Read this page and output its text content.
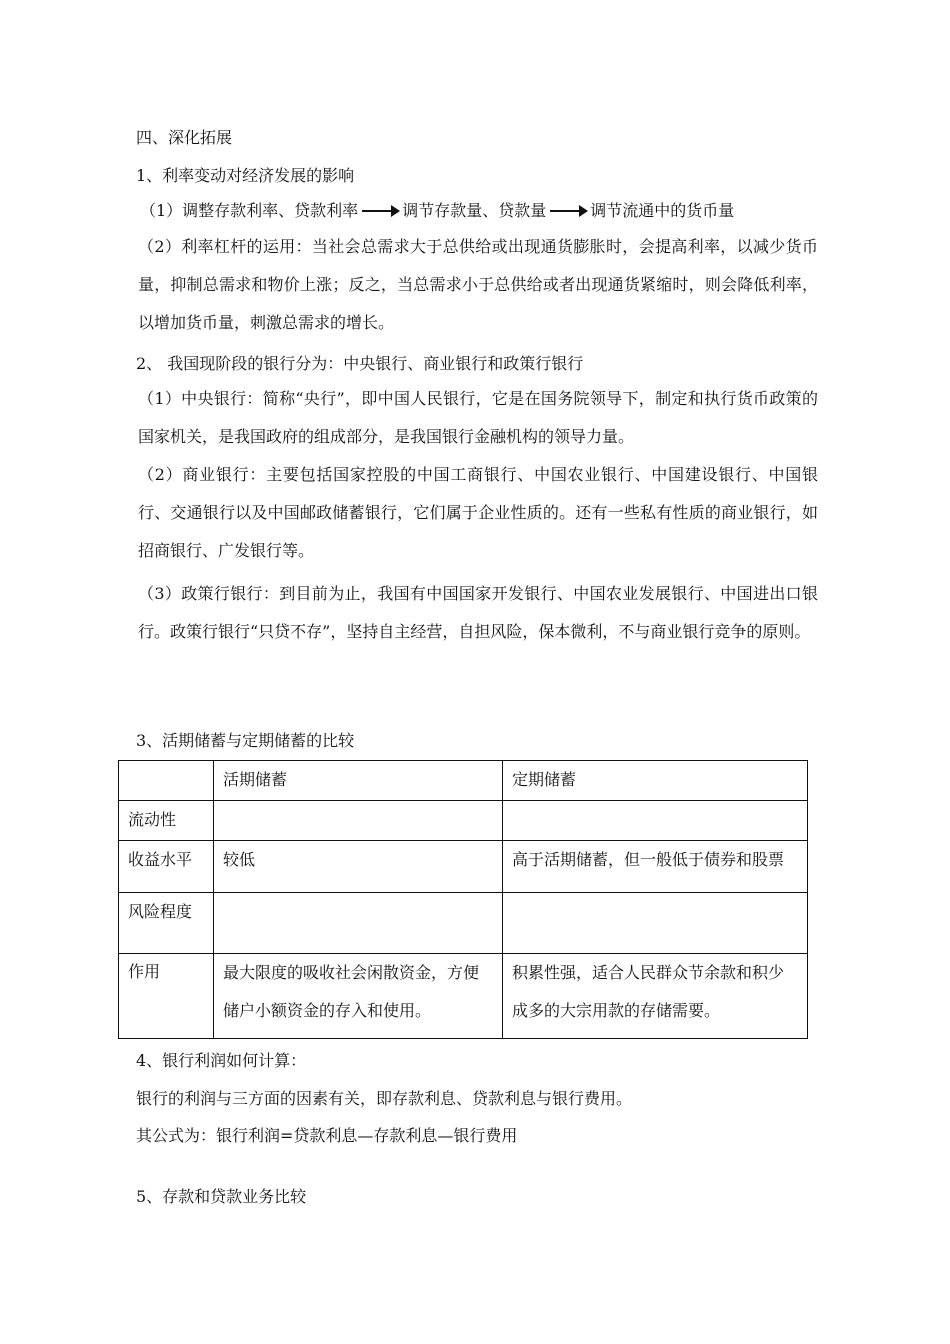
四、深化拓展
1、利率变动对经济发展的影响
（1）调整存款利率、贷款利率	调节存款量、贷款量	调节流通中的货币量
（2）利率杠杆的运用：当社会总需求大于总供给或出现通货膨胀时，会提高利率，以减少货币量，抑制总需求和物价上涨；反之，当总需求小于总供给或者出现通货紧缩时，则会降低利率，以增加货币量，刺激总需求的增长。
2、 我国现阶段的银行分为：中央银行、商业银行和政策行银行
（1）中央银行：简称“央行”，即中国人民银行，它是在国务院领导下，制定和执行货币政策的国家机关，是我国政府的组成部分，是我国银行金融机构的领导力量。
（2）商业银行：主要包括国家控股的中国工商银行、中国农业银行、中国建设银行、中国银行、交通银行以及中国邮政储蓄银行，它们属于企业性质的。还有一些私有性质的商业银行，如招商银行、广发银行等。
（3）政策行银行：到目前为止，我国有中国国家开发银行、中国农业发展银行、中国进出口银行。政策行银行“只贷不存”，坚持自主经营，自担风险，保本微利，不与商业银行竞争的原则。
3、活期储蓄与定期储蓄的比较
	活期储蓄	定期储蓄
流动性		
收益水平	较低	高于活期储蓄，但一般低于债券和股票
风险程度		
作用	最大限度的吸收社会闲散资金，方便储户小额资金的存入和使用。	积累性强，适合人民群众节余款和积少成多的大宗用款的存储需要。
4、银行利润如何计算：
银行的利润与三方面的因素有关，即存款利息、贷款利息与银行费用。
其公式为：银行利润=贷款利息—存款利息—银行费用
5、存款和贷款业务比较
